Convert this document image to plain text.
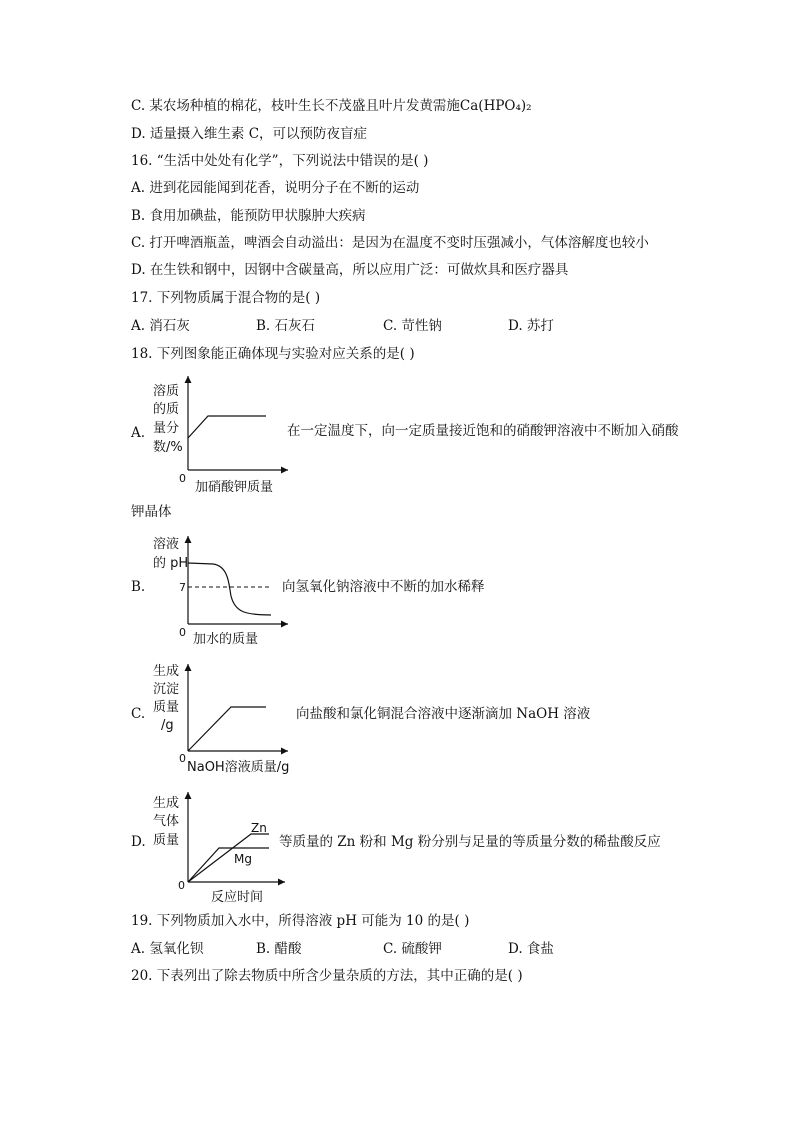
C. 某农场种植的棉花，枝叶生长不茂盛且叶片发黄需施Ca(HPO₄)₂
D. 适量摄入维生素 C，可以预防夜盲症
16. “生活中处处有化学”，下列说法中错误的是( )
A. 进到花园能闻到花香，说明分子在不断的运动
B. 食用加碘盐，能预防甲状腺肿大疾病
C. 打开啤酒瓶盖，啤酒会自动溢出：是因为在温度不变时压强减小，气体溶解度也较小
D. 在生铁和钢中，因钢中含碳量高，所以应用广泛：可做炊具和医疗器具
17. 下列物质属于混合物的是( )
A. 消石灰	B. 石灰石	C. 苛性钠	D. 苏打
18. 下列图象能正确体现与实验对应关系的是( )
A.
溶质
的质
量分
数/%
0
加硝酸钾质量
在一定温度下，向一定质量接近饱和的硝酸钾溶液中不断加入硝酸
钾晶体
B.
溶液
的 pH
7
0 加水的质量
向氢氧化钠溶液中不断的加水稀释
C.
生成
沉淀
质量
/g
0
NaOH溶液质量/g
向盐酸和氯化铜混合溶液中逐渐滴加 NaOH 溶液
D.
Zn
Mg
生成
气体
质量
0
反应时间
等质量的 Zn 粉和 Mg 粉分别与足量的等质量分数的稀盐酸反应
19. 下列物质加入水中，所得溶液 pH 可能为 10 的是( )
A. 氢氧化钡	B. 醋酸	C. 硫酸钾	D. 食盐
20. 下表列出了除去物质中所含少量杂质的方法，其中正确的是( )
